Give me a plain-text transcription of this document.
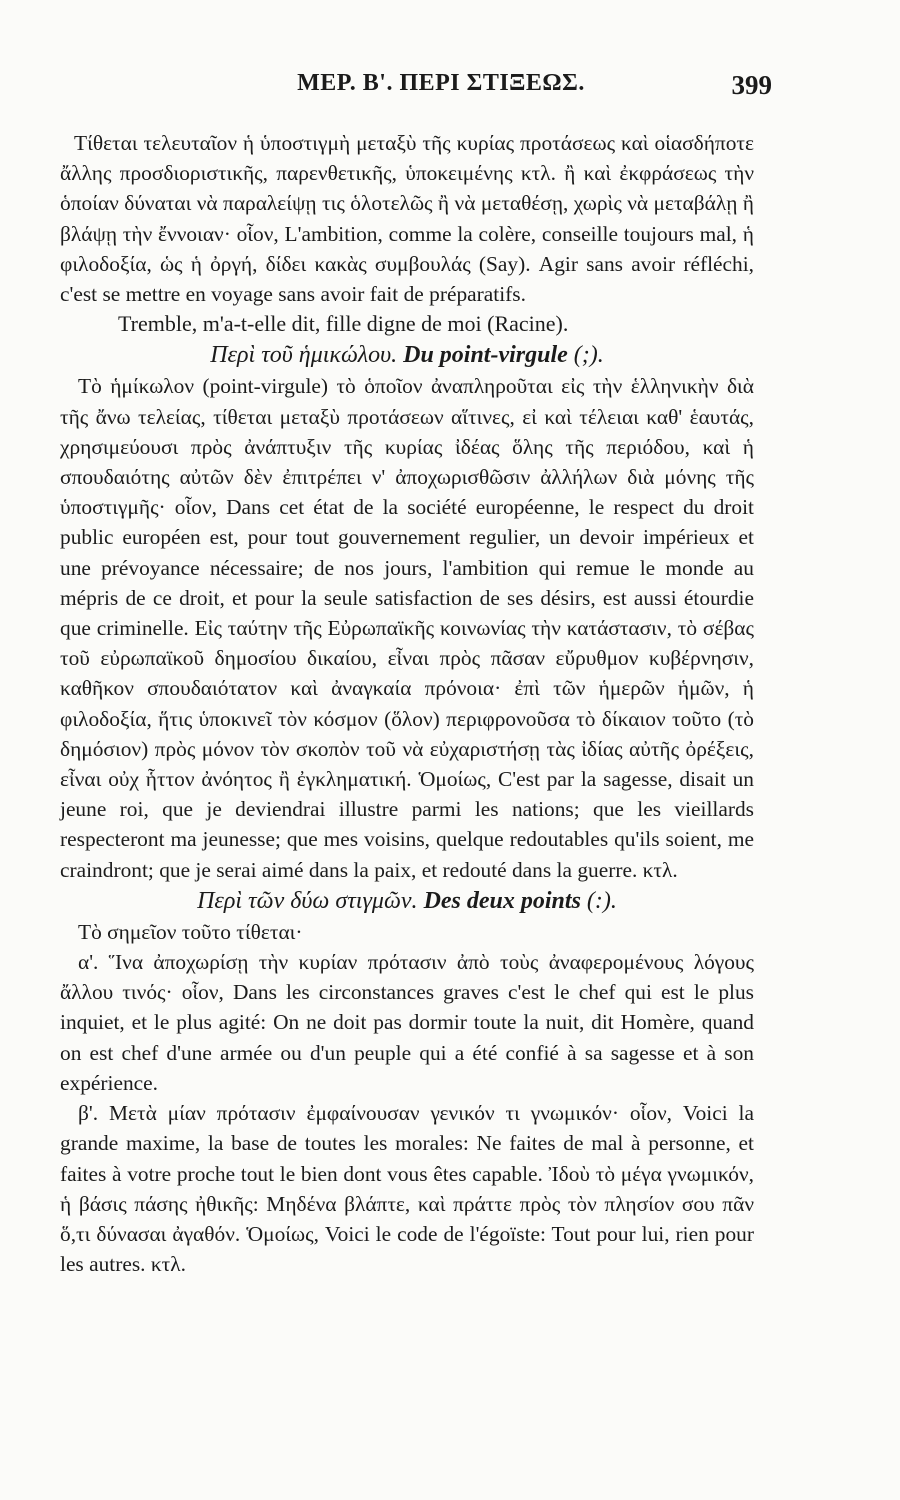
ΜΕΡ. Β'. ΠΕΡΙ ΣΤΙΞΕΩΣ.	399

Τίθεται τελευταῖον ἡ ὑποστιγμὴ μεταξὺ τῆς κυρίας προτάσεως καὶ οἱασδήποτε ἄλλης προσδιοριστικῆς, παρενθετικῆς, ὑποκειμένης κτλ. ἢ καὶ ἐκφράσεως τὴν ὁποίαν δύναται νὰ παραλείψῃ τις ὁλοτελῶς ἢ νὰ μεταθέσῃ, χωρὶς νὰ μεταβάλῃ ἢ βλάψῃ τὴν ἔννοιαν· οἷον, L'ambition, comme la colère, conseille toujours mal, ἡ φιλοδοξία, ὡς ἡ ὀργή, δίδει κακὰς συμβουλάς (Say). Agir sans avoir réfléchi, c'est se mettre en voyage sans avoir fait de préparatifs.

Tremble, m'a-t-elle dit, fille digne de moi (Racine).

Περὶ τοῦ ἡμικώλου. Du point-virgule (;).

Τὸ ἡμίκωλον (point-virgule) τὸ ὁποῖον ἀναπληροῦται εἰς τὴν ἑλληνικὴν διὰ τῆς ἄνω τελείας, τίθεται μεταξὺ προτάσεων αἵτινες, εἰ καὶ τέλειαι καθ' ἑαυτάς, χρησιμεύουσι πρὸς ἀνάπτυξιν τῆς κυρίας ἰδέας ὅλης τῆς περιόδου, καὶ ἡ σπουδαιότης αὐτῶν δὲν ἐπιτρέπει ν' ἀποχωρισθῶσιν ἀλλήλων διὰ μόνης τῆς ὑποστιγμῆς· οἷον, Dans cet état de la société européenne, le respect du droit public européen est, pour tout gouvernement regulier, un devoir impérieux et une prévoyance nécessaire; de nos jours, l'ambition qui remue le monde au mépris de ce droit, et pour la seule satisfaction de ses désirs, est aussi étourdie que criminelle. Εἰς ταύτην τῆς Εὐρωπαϊκῆς κοινωνίας τὴν κατάστασιν, τὸ σέβας τοῦ εὐρωπαϊκοῦ δημοσίου δικαίου, εἶναι πρὸς πᾶσαν εὔρυθμον κυβέρνησιν, καθῆκον σπουδαιότατον καὶ ἀναγκαία πρόνοια· ἐπὶ τῶν ἡμερῶν ἡμῶν, ἡ φιλοδοξία, ἥτις ὑποκινεῖ τὸν κόσμον (ὅλον) περιφρονοῦσα τὸ δίκαιον τοῦτο (τὸ δημόσιον) πρὸς μόνον τὸν σκοπὸν τοῦ νὰ εὐχαριστήσῃ τὰς ἰδίας αὐτῆς ὀρέξεις, εἶναι οὐχ ἧττον ἀνόητος ἢ ἐγκληματική. Ὁμοίως, C'est par la sagesse, disait un jeune roi, que je deviendrai illustre parmi les nations; que les vieillards respecteront ma jeunesse; que mes voisins, quelque redoutables qu'ils soient, me craindront; que je serai aimé dans la paix, et redouté dans la guerre. κτλ.

Περὶ τῶν δύω στιγμῶν. Des deux points (:).

Τὸ σημεῖον τοῦτο τίθεται·

α'. Ἵνα ἀποχωρίσῃ τὴν κυρίαν πρότασιν ἀπὸ τοὺς ἀναφερομένους λόγους ἄλλου τινός· οἷον, Dans les circonstances graves c'est le chef qui est le plus inquiet, et le plus agité: On ne doit pas dormir toute la nuit, dit Homère, quand on est chef d'une armée ou d'un peuple qui a été confié à sa sagesse et à son expérience.

β'. Μετὰ μίαν πρότασιν ἐμφαίνουσαν γενικόν τι γνωμικόν· οἷον, Voici la grande maxime, la base de toutes les morales: Ne faites de mal à personne, et faites à votre proche tout le bien dont vous êtes capable. Ἰδοὺ τὸ μέγα γνωμικόν, ἡ βάσις πάσης ἠθικῆς: Μηδένα βλάπτε, καὶ πράττε πρὸς τὸν πλησίον σου πᾶν ὅ,τι δύνασαι ἀγαθόν. Ὁμοίως, Voici le code de l'égoïste: Tout pour lui, rien pour les autres. κτλ.
